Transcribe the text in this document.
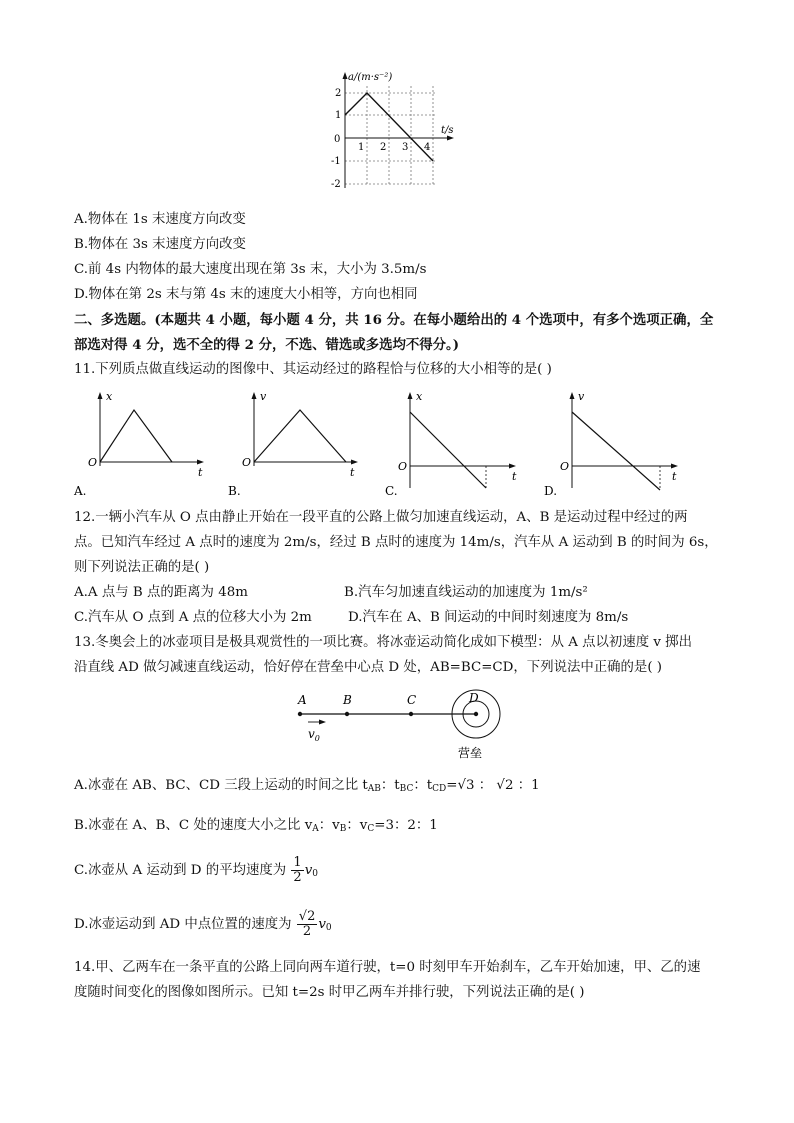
a/(m·s⁻²)
t/s
0
2
1
-1
-2
1 2 3 4
A.物体在 1s 末速度方向改变
B.物体在 3s 末速度方向改变
C.前 4s 内物体的最大速度出现在第 3s 末，大小为 3.5m/s
D.物体在第 2s 末与第 4s 末的速度大小相等，方向也相同
二、多选题。(本题共 4 小题，每小题 4 分，共 16 分。在每小题给出的 4 个选项中，有多个选项正确，全
部选对得 4 分，选不全的得 2 分，不选、错选或多选均不得分。)
11.下列质点做直线运动的图像中、其运动经过的路程恰与位移的大小相等的是( )
x
t
O
A.
v
t
O
B.
x
t
O
C.
v
t
O
D.
12.一辆小汽车从 O 点由静止开始在一段平直的公路上做匀加速直线运动，A、B 是运动过程中经过的两
点。已知汽车经过 A 点时的速度为 2m/s，经过 B 点时的速度为 14m/s，汽车从 A 运动到 B 的时间为 6s，
则下列说法正确的是( )
A.A 点与 B 点的距离为 48m	B.汽车匀加速直线运动的加速度为 1m/s²
C.汽车从 O 点到 A 点的位移大小为 2m	D.汽车在 A、B 间运动的中间时刻速度为 8m/s
13.冬奥会上的冰壶项目是极具观赏性的一项比赛。将冰壶运动简化成如下模型：从 A 点以初速度 v 掷出
沿直线 AD 做匀减速直线运动，恰好停在营垒中心点 D 处，AB=BC=CD，下列说法中正确的是( )
A	B	C	D
$v_0$
营垒
A.冰壶在 AB、BC、CD 三段上运动的时间之比 $t_{AB}$：$t_{BC}$：$t_{CD}=√3$ ： √2 ：1
B.冰壶在 A、B、C 处的速度大小之比 $v_A$：$v_B$：$v_C=3$：2：1
C.冰壶从 A 运动到 D 的平均速度为 $\frac{1}{2} v_0$
D.冰壶运动到 AD 中点位置的速度为 $\frac{√2}{2} v_0$
14.甲、乙两车在一条平直的公路上同向两车道行驶，t=0 时刻甲车开始刹车，乙车开始加速，甲、乙的速
度随时间变化的图像如图所示。已知 t=2s 时甲乙两车并排行驶，下列说法正确的是( )
